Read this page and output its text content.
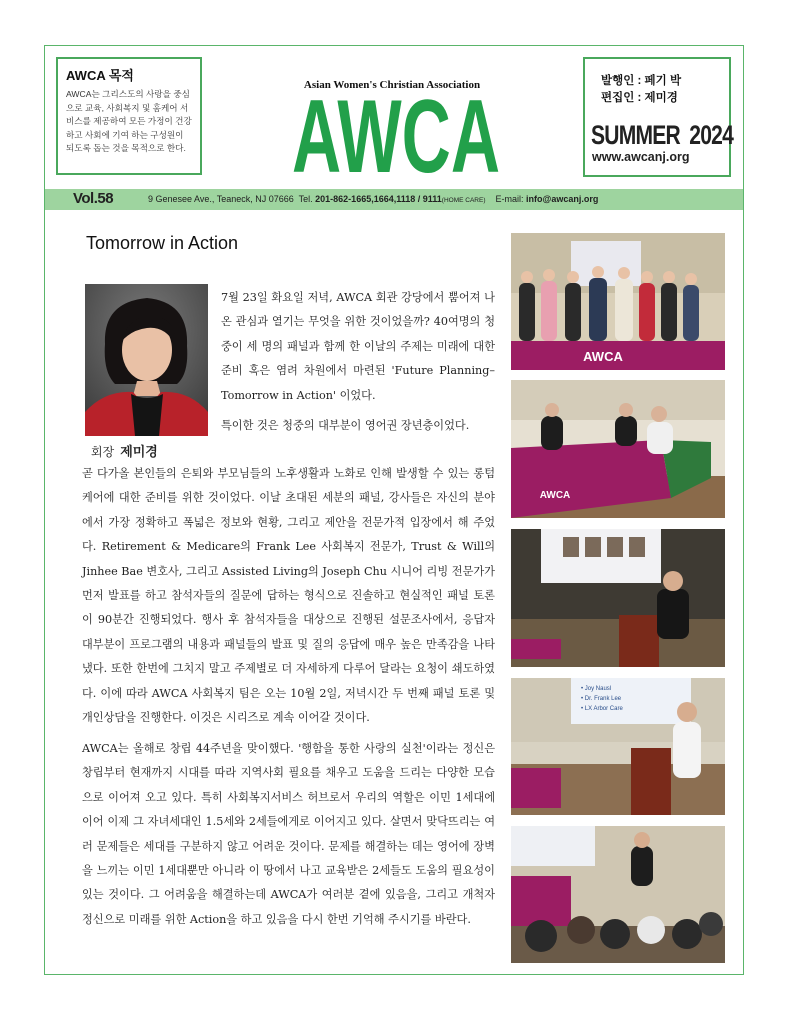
AWCA 목적

AWCA는 그리스도의 사랑을 중심으로 교육, 사회복지 및 홈케어 서비스를 제공하여 모든 가정이 건강하고 사회에 기여 하는 구성원이 되도록 돕는 것을 목적으로 한다.

Asian Women's Christian Association
AWCA	발행인 : 페기 박
편집인 : 제미경
SUMMER 2024
www.awcanj.org
Vol.58	9 Genesee Ave., Teaneck, NJ 07666 Tel. 201-862-1665,1664,1118 / 9111(HOME CARE) E-mail: info@awcanj.org
Tomorrow in Action
회장 제미경

7월 23일 화요일 저녁, AWCA 회관 강당에서 뿜어져 나온 관심과 열기는 무엇을 위한 것이었을까? 40여명의 청중이 세 명의 패널과 함께 한 이날의 주제는 미래에 대한 준비 혹은 염려 차원에서 마련된 'Future Planning–Tomorrow in Action' 이었다.

특이한 것은 청중의 대부분이 영어권 장년층이었다.

곧 다가올 본인들의 은퇴와 부모님들의 노후생활과 노화로 인해 발생할 수 있는 롱텀케어에 대한 준비를 위한 것이었다. 이날 초대된 세분의 패널, 강사들은 자신의 분야에서 가장 정확하고 폭넓은 정보와 현황, 그리고 제안을 전문가적 입장에서 해 주었다. Retirement & Medicare의 Frank Lee 사회복지 전문가, Trust & Will의 Jinhee Bae 변호사, 그리고 Assisted Living의 Joseph Chu 시니어 리빙 전문가가 먼저 발표를 하고 참석자들의 질문에 답하는 형식으로 진솔하고 현실적인 패널 토론이 90분간 진행되었다. 행사 후 참석자들을 대상으로 진행된 설문조사에서, 응답자 대부분이 프로그램의 내용과 패널들의 발표 및 질의 응답에 매우 높은 만족감을 나타냈다. 또한 한번에 그치지 말고 주제별로 더 자세하게 다루어 달라는 요청이 쇄도하였다. 이에 따라 AWCA 사회복지 팀은 오는 10월 2일, 저녁시간 두 번째 패널 토론 및 개인상담을 진행한다. 이것은 시리즈로 계속 이어갈 것이다.

AWCA는 올해로 창립 44주년을 맞이했다. '행함을 통한 사랑의 실천'이라는 정신은 창립부터 현재까지 시대를 따라 지역사회 필요를 채우고 도움을 드리는 다양한 모습으로 이어져 오고 있다. 특히 사회복지서비스 허브로서 우리의 역할은 이민 1세대에 이어 이제 그 자녀세대인 1.5세와 2세들에게로 이어지고 있다. 살면서 맞닥뜨리는 여러 문제들은 세대를 구분하지 않고 어려운 것이다. 문제를 해결하는 데는 영어에 장벽을 느끼는 이민 1세대뿐만 아니라 이 땅에서 나고 교육받은 2세들도 도움의 필요성이 있는 것이다. 그 어려움을 해결하는데 AWCA가 여러분 곁에 있음을, 그리고 개척자 정신으로 미래를 위한 Action을 하고 있음을 다시 한번 기억해 주시기를 바란다.

AWCA
AWCA
• Joy Nausl
• Dr. Frank Lee
• LX Arbor Care
